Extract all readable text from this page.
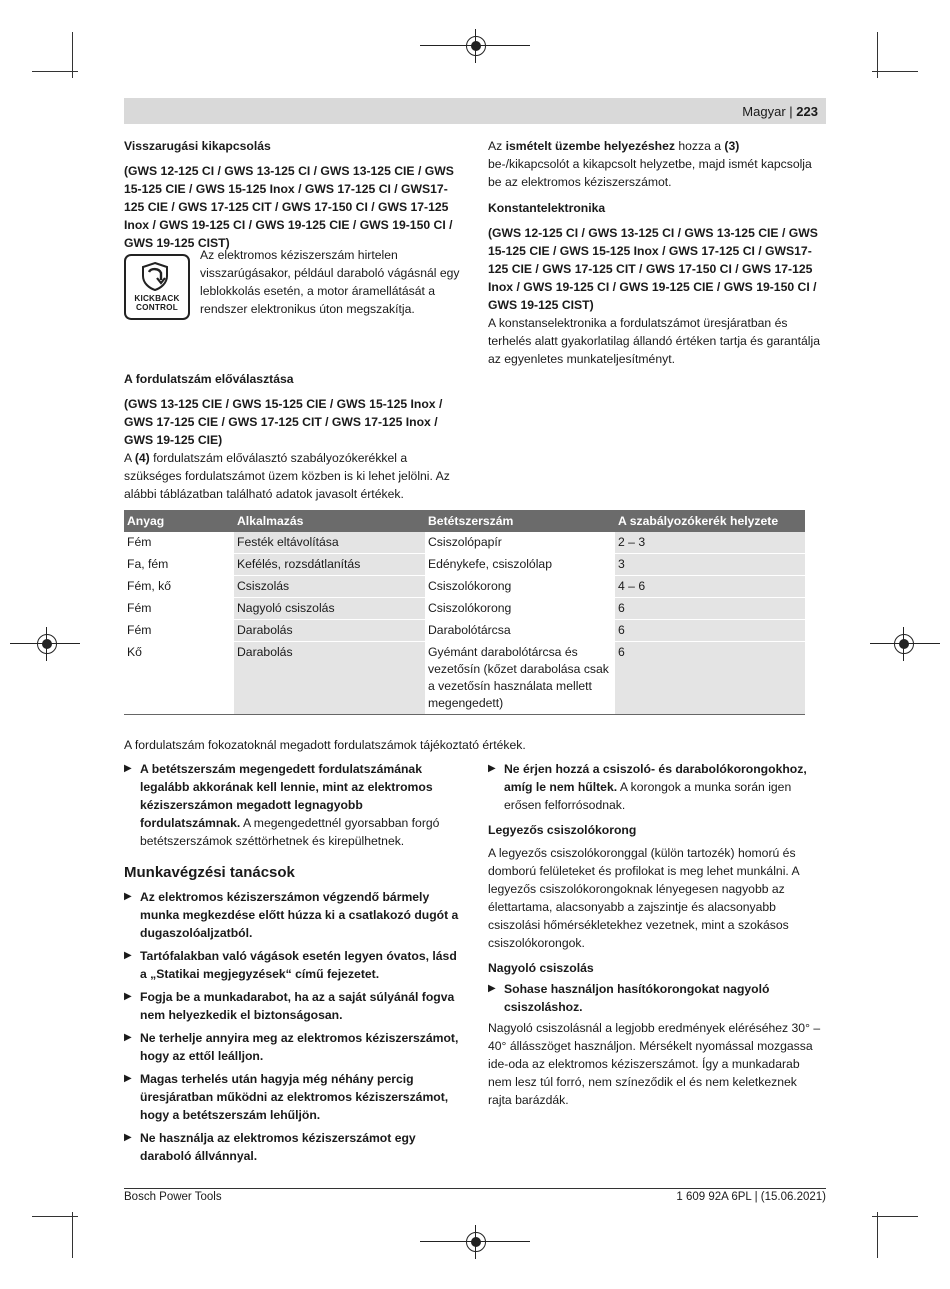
Magyar | 223

Visszarugási kikapcsolás

(GWS 12-125 CI / GWS 13-125 CI / GWS 13-125 CIE / GWS 15-125 CIE / GWS 15-125 Inox / GWS 17-125 CI / GWS17-125 CIE / GWS 17-125 CIT / GWS 17-150 CI / GWS 17-125 Inox / GWS 19-125 CI / GWS 19-125 CIE / GWS 19-150 CI / GWS 19-125 CIST)

KICKBACK
CONTROL

Az elektromos kéziszerszám hirtelen visszarúgásakor, például daraboló vágásnál egy leblokkolás esetén, a motor áramellátását a rendszer elektronikus úton megszakítja.

A fordulatszám előválasztása

(GWS 13-125 CIE / GWS 15-125 CIE / GWS 15-125 Inox / GWS 17-125 CIE / GWS 17-125 CIT / GWS 17-125 Inox / GWS 19-125 CIE)

A (4) fordulatszám előválasztó szabályozókerékkel a szükséges fordulatszámot üzem közben is ki lehet jelölni. Az alábbi táblázatban található adatok javasolt értékek.

Az ismételt üzembe helyezéshez hozza a (3) be-/kikapcsolót a kikapcsolt helyzetbe, majd ismét kapcsolja be az elektromos kéziszerszámot.

Konstantelektronika

(GWS 12-125 CI / GWS 13-125 CI / GWS 13-125 CIE / GWS 15-125 CIE / GWS 15-125 Inox / GWS 17-125 CI / GWS17-125 CIE / GWS 17-125 CIT / GWS 17-150 CI / GWS 17-125 Inox / GWS 19-125 CI / GWS 19-125 CIE / GWS 19-150 CI / GWS 19-125 CIST)

A konstanselektronika a fordulatszámot üresjáratban és terhelés alatt gyakorlatilag állandó értéken tartja és garantálja az egyenletes munkateljesítményt.

Anyag	Alkalmazás	Betétszerszám	A szabályozókerék helyzete
Fém	Festék eltávolítása	Csiszolópapír	2 – 3
Fa, fém	Kefélés, rozsdátlanítás	Edénykefe, csiszolólap	3
Fém, kő	Csiszolás	Csiszolókorong	4 – 6
Fém	Nagyoló csiszolás	Csiszolókorong	6
Fém	Darabolás	Darabolótárcsa	6
Kő	Darabolás	Gyémánt darabolótárcsa és vezetősín (kőzet darabolása csak a vezetősín használata mellett megengedett)	6

A fordulatszám fokozatoknál megadott fordulatszámok tájékoztató értékek.

▶ A betétszerszám megengedett fordulatszámának legalább akkorának kell lennie, mint az elektromos kéziszerszámon megadott legnagyobb fordulatszámnak. A megengedettnél gyorsabban forgó betétszerszámok széttörhetnek és kirepülhetnek.

Munkavégzési tanácsok

▶ Az elektromos kéziszerszámon végzendő bármely munka megkezdése előtt húzza ki a csatlakozó dugót a dugaszolóaljzatból.
▶ Tartófalakban való vágások esetén legyen óvatos, lásd a „Statikai megjegyzések“ című fejezetet.
▶ Fogja be a munkadarabot, ha az a saját súlyánál fogva nem helyezkedik el biztonságosan.
▶ Ne terhelje annyira meg az elektromos kéziszerszámot, hogy az ettől leálljon.
▶ Magas terhelés után hagyja még néhány percig üresjáratban működni az elektromos kéziszerszámot, hogy a betétszerszám lehűljön.
▶ Ne használja az elektromos kéziszerszámot egy daraboló állvánnyal.
▶ Ne érjen hozzá a csiszoló- és darabolókorongokhoz, amíg le nem hűltek. A korongok a munka során igen erősen felforrósodnak.

Legyezős csiszolókorong

A legyezős csiszolókoronggal (külön tartozék) homorú és domború felületeket és profilokat is meg lehet munkálni. A legyezős csiszolókorongoknak lényegesen nagyobb az élettartama, alacsonyabb a zajszintje és alacsonyabb csiszolási hőmérsékletekhez vezetnek, mint a szokásos csiszolókorongok.

Nagyoló csiszolás

▶ Sohase használjon hasítókorongokat nagyoló csiszoláshoz.

Nagyoló csiszolásnál a legjobb eredmények eléréséhez 30° – 40° állásszöget használjon. Mérsékelt nyomással mozgassa ide-oda az elektromos kéziszerszámot. Így a munkadarab nem lesz túl forró, nem színeződik el és nem keletkeznek rajta barázdák.

Bosch Power Tools	1 609 92A 6PL | (15.06.2021)
